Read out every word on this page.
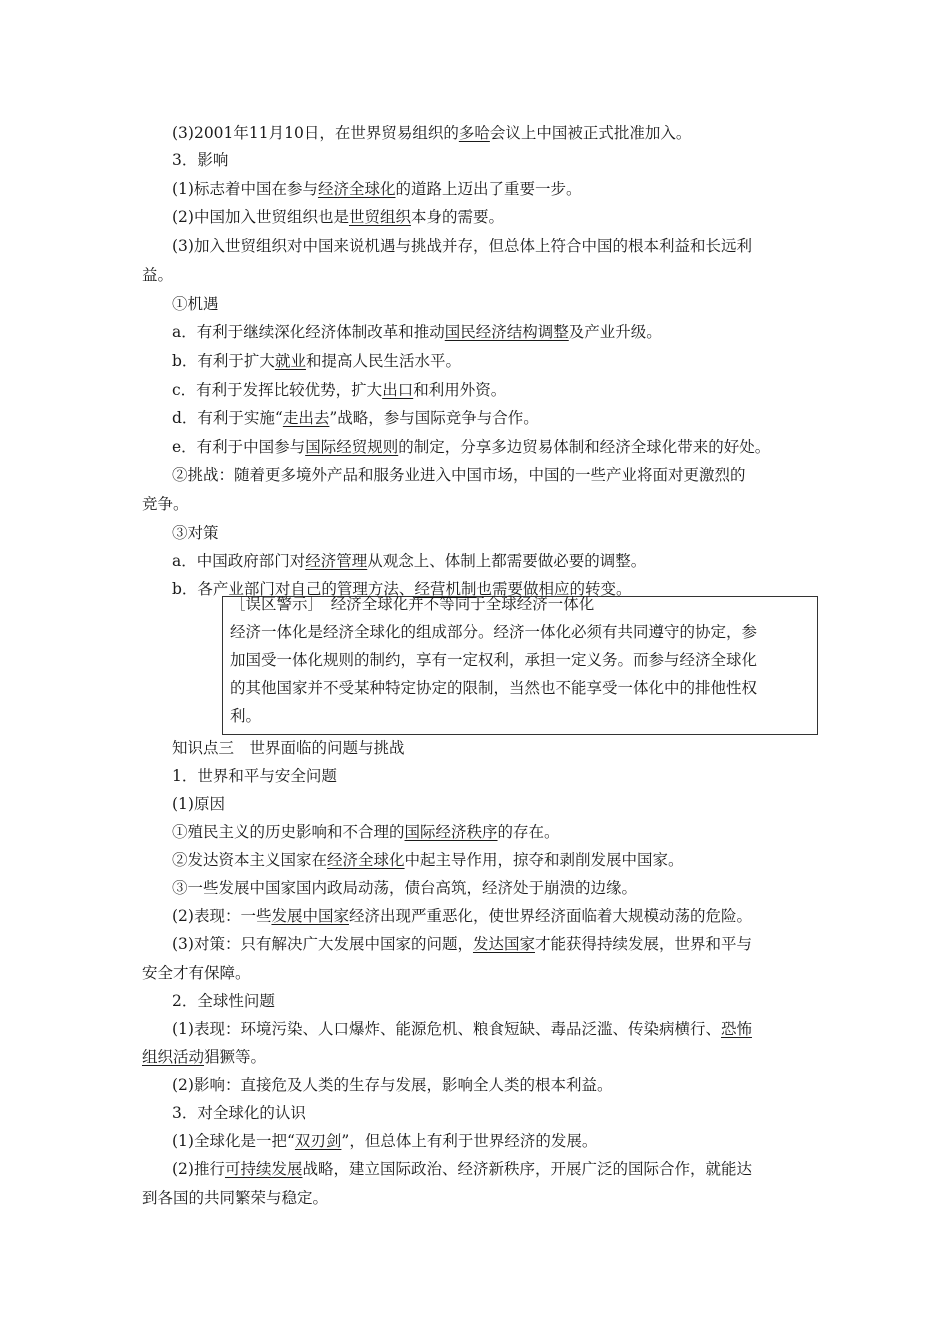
(3)2001年11月10日，在世界贸易组织的多哈会议上中国被正式批准加入。
3．影响
(1)标志着中国在参与经济全球化的道路上迈出了重要一步。
(2)中国加入世贸组织也是世贸组织本身的需要。
(3)加入世贸组织对中国来说机遇与挑战并存，但总体上符合中国的根本利益和长远利
益。
①机遇
a．有利于继续深化经济体制改革和推动国民经济结构调整及产业升级。
b．有利于扩大就业和提高人民生活水平。
c．有利于发挥比较优势，扩大出口和利用外资。
d．有利于实施“走出去”战略，参与国际竞争与合作。
e．有利于中国参与国际经贸规则的制定，分享多边贸易体制和经济全球化带来的好处。
②挑战：随着更多境外产品和服务业进入中国市场，中国的一些产业将面对更激烈的
竞争。
③对策
a．中国政府部门对经济管理从观念上、体制上都需要做必要的调整。
b．各产业部门对自己的管理方法、经营机制也需要做相应的转变。
［误区警示］　经济全球化并不等同于全球经济一体化
经济一体化是经济全球化的组成部分。经济一体化必须有共同遵守的协定，参
加国受一体化规则的制约，享有一定权利，承担一定义务。而参与经济全球化
的其他国家并不受某种特定协定的限制，当然也不能享受一体化中的排他性权
利。
知识点三　世界面临的问题与挑战
1．世界和平与安全问题
(1)原因
①殖民主义的历史影响和不合理的国际经济秩序的存在。
②发达资本主义国家在经济全球化中起主导作用，掠夺和剥削发展中国家。
③一些发展中国家国内政局动荡，债台高筑，经济处于崩溃的边缘。
(2)表现：一些发展中国家经济出现严重恶化，使世界经济面临着大规模动荡的危险。
(3)对策：只有解决广大发展中国家的问题，发达国家才能获得持续发展，世界和平与
安全才有保障。
2．全球性问题
(1)表现：环境污染、人口爆炸、能源危机、粮食短缺、毒品泛滥、传染病横行、恐怖
组织活动猖獗等。
(2)影响：直接危及人类的生存与发展，影响全人类的根本利益。
3．对全球化的认识
(1)全球化是一把“双刃剑”，但总体上有利于世界经济的发展。
(2)推行可持续发展战略，建立国际政治、经济新秩序，开展广泛的国际合作，就能达
到各国的共同繁荣与稳定。
